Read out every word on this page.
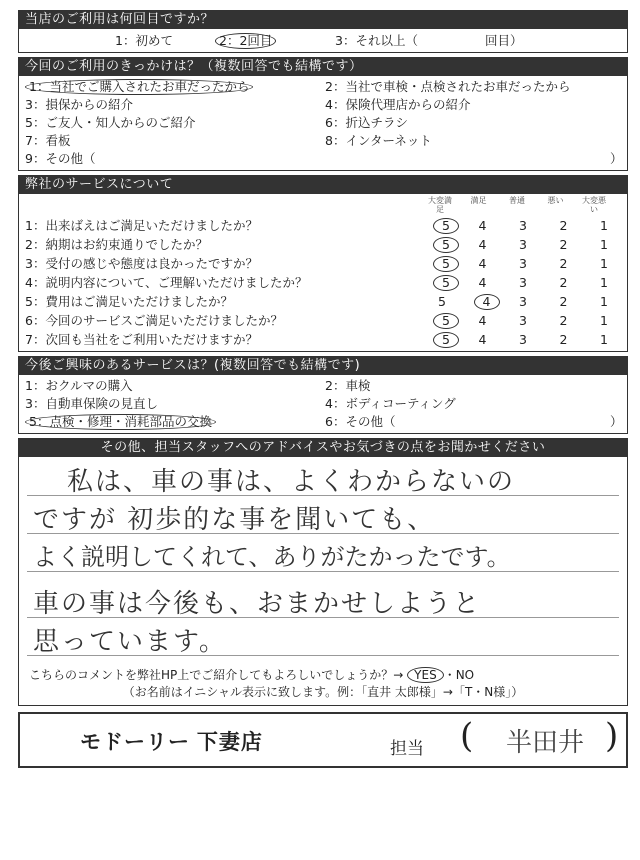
当店のご利用は何回目ですか？
1：初めて	2：2回目	3：それ以上（	回目）
今回のご利用のきっかけは？（複数回答でも結構です）
1：当社でご購入されたお車だったから	2：当社で車検・点検されたお車だったから
3：損保からの紹介	4：保険代理店からの紹介
5：ご友人・知人からのご紹介	6：折込チラシ
7：看板	8：インターネット
9：その他（	）
弊社のサービスについて
大変満足
満足	普通	悪い	大変悪い
1：出来ばえはご満足いただけましたか？	5	4	3	2	1
2：納期はお約束通りでしたか？	5	4	3	2	1
3：受付の感じや態度は良かったですか？	5	4	3	2	1
4：説明内容について、ご理解いただけましたか？	5	4	3	2	1
5：費用はご満足いただけましたか？	5	4	3	2	1
6：今回のサービスご満足いただけましたか？	5	4	3	2	1
7：次回も当社をご利用いただけますか？	5	4	3	2	1
今後ご興味のあるサービスは？(複数回答でも結構です)
1：おクルマの購入	2：車検
3：自動車保険の見直し	4：ボディコーティング
5：点検・修理・消耗部品の交換	6：その他（	）
その他、担当スタッフへのアドバイスやお気づきの点をお聞かせください
私は、車の事は、よくわからないの
ですが 初歩的な事を聞いても、
よく説明してくれて、ありがたかったです。
車の事は今後も、おまかせしようと
思っています。
こちらのコメントを弊社HP上でご紹介してもよろしいでしょうか？→ YES ・NO
（お名前はイニシャル表示に致します。例：「直井 太郎様」→「T・N様」）
モドーリー 下妻店	担当 ( 半田井 )
